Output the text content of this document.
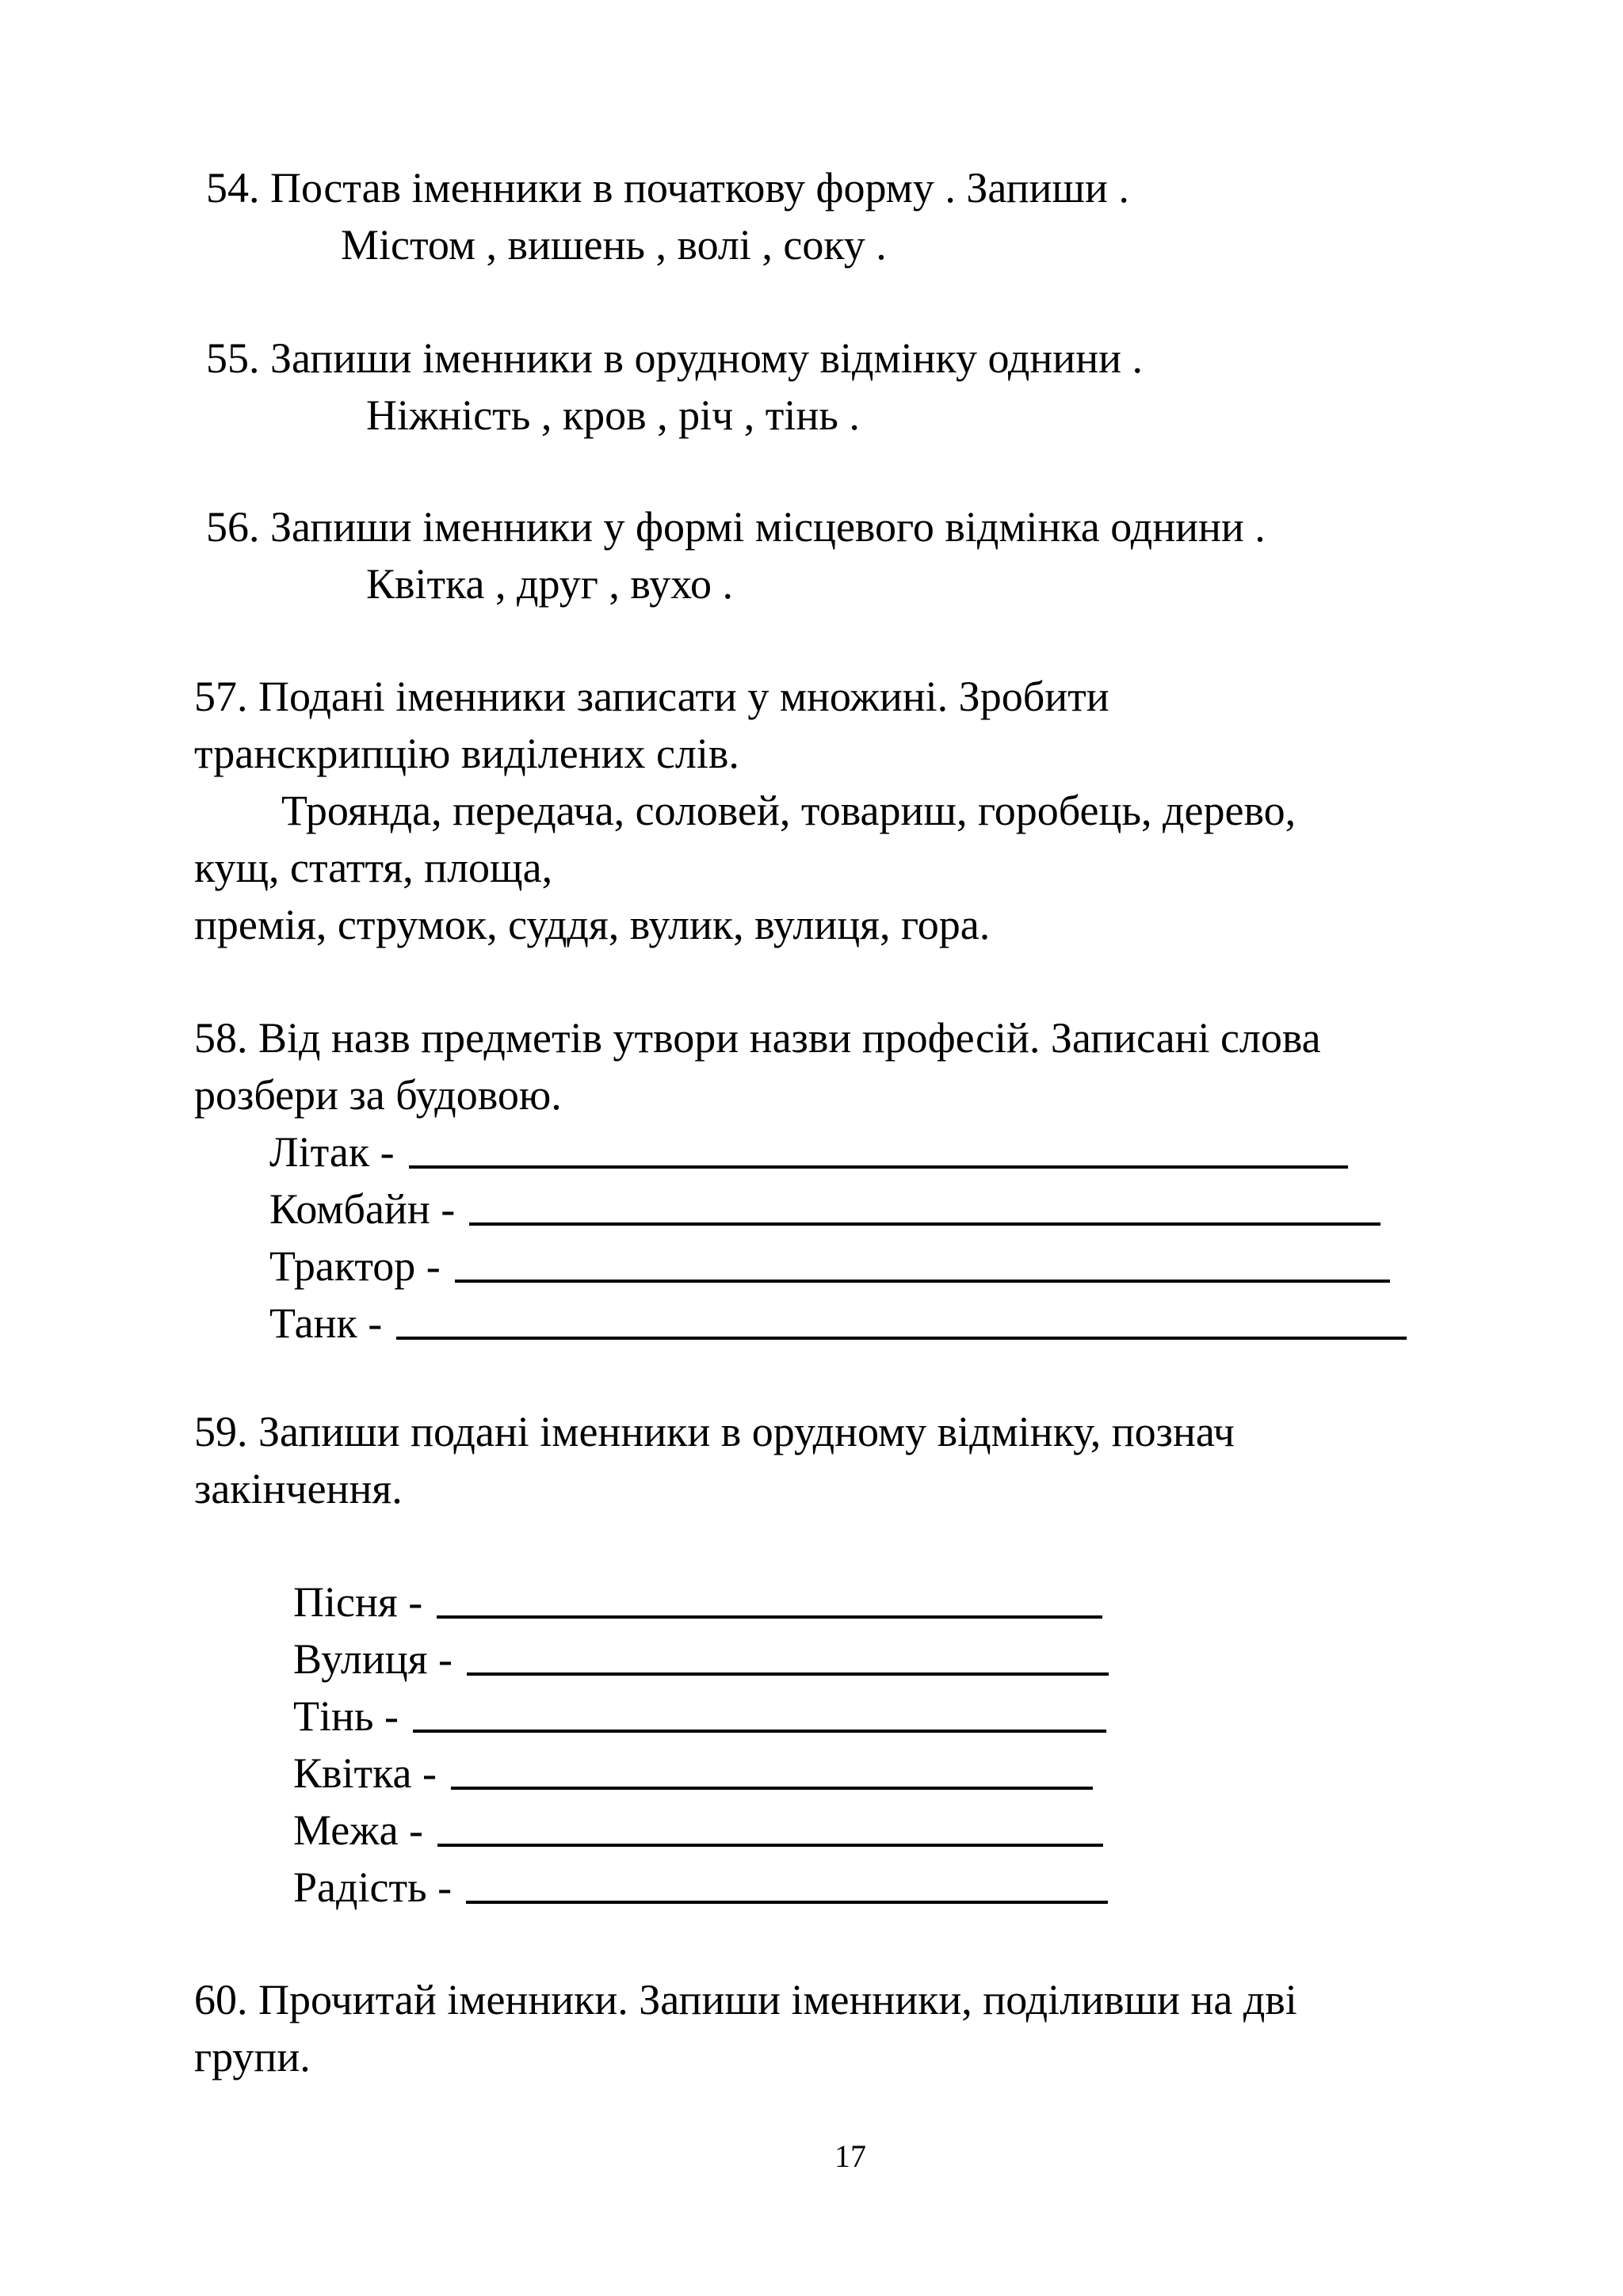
54. Постав іменники в початкову форму . Запиши .
Містом , вишень , волі , соку .
55. Запиши іменники в орудному відмінку однини .
Ніжність , кров , річ , тінь .
56. Запиши іменники у формі місцевого відмінка однини .
Квітка , друг , вухо .
57. Подані іменники записати у множині. Зробити
транскрипцію виділених слів.
Троянда, передача, соловей, товариш, горобець, дерево,
кущ, стаття, площа,
премія, струмок, суддя, вулик, вулиця, гора.
58. Від назв предметів утвори назви професій. Записані слова
розбери за будовою.
Літак -
Комбайн -
Трактор -
Танк -
59. Запиши подані іменники в орудному відмінку, познач
закінчення.
Пісня -
Вулиця -
Тінь -
Квітка -
Межа -
Радість -
60. Прочитай іменники. Запиши іменники, поділивши на дві
групи.
17
